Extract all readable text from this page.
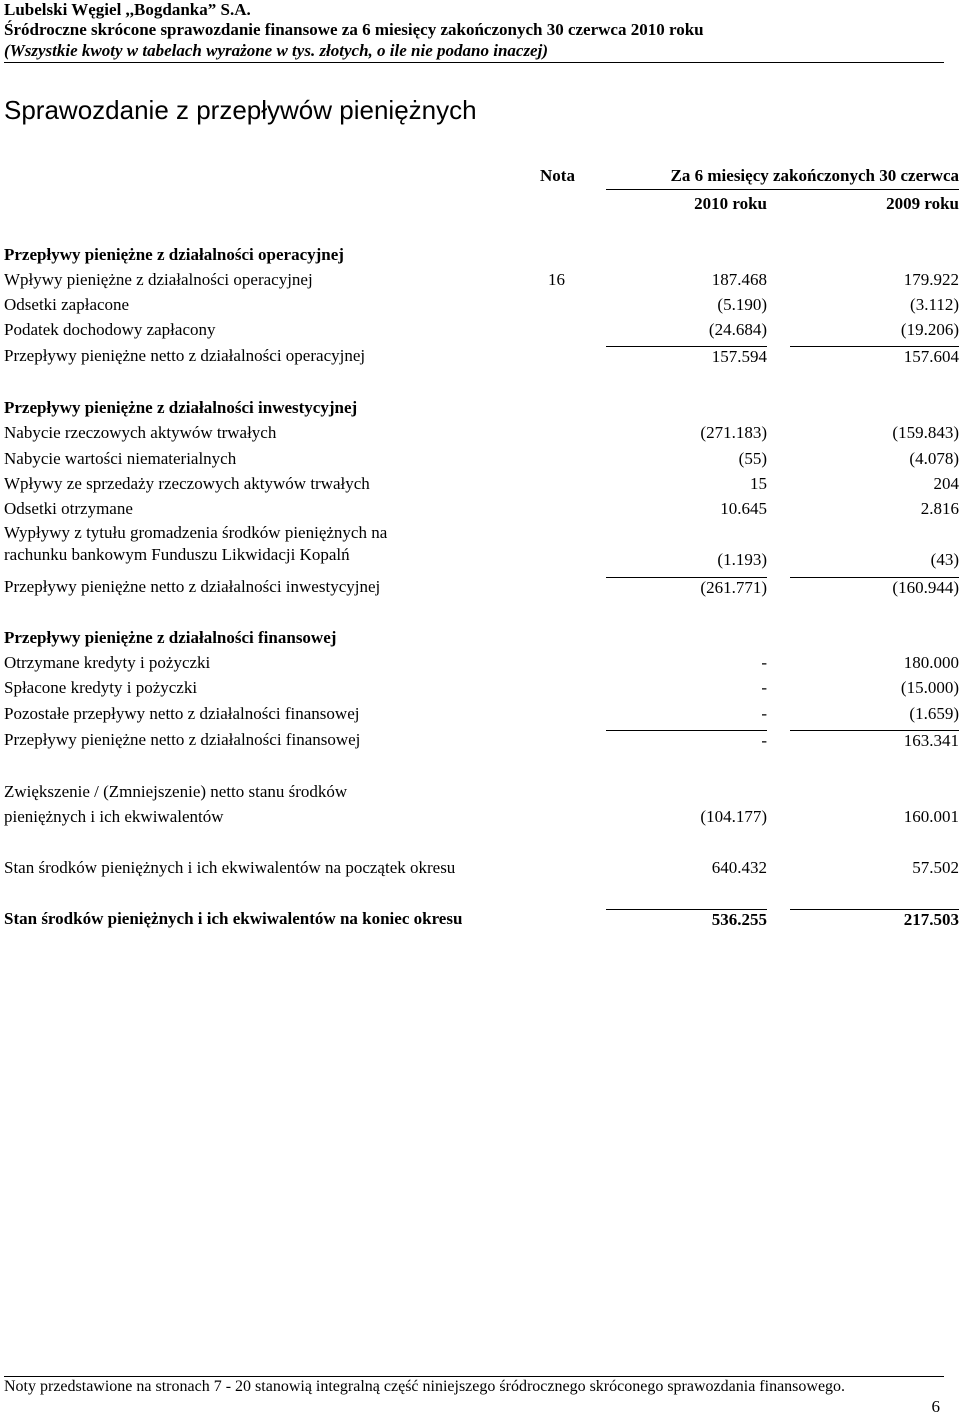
Lubelski Węgiel ,,Bogdanka” S.A.
Śródroczne skrócone sprawozdanie finansowe za 6 miesięcy zakończonych 30 czerwca 2010 roku
(Wszystkie kwoty w tabelach wyrażone w tys. złotych, o ile nie podano inaczej)
Sprawozdanie z przepływów pieniężnych
Nota	Za 6 miesięcy zakończonych 30 czerwca
2010 roku	2009 roku
Przepływy pieniężne z działalności operacyjnej
Wpływy pieniężne z działalności operacyjnej	16	187.468	179.922
Odsetki zapłacone	(5.190)	(3.112)
Podatek dochodowy zapłacony	(24.684)	(19.206)
Przepływy pieniężne netto z działalności operacyjnej	157.594	157.604
Przepływy pieniężne z działalności inwestycyjnej
Nabycie rzeczowych aktywów trwałych	(271.183)	(159.843)
Nabycie wartości niematerialnych	(55)	(4.078)
Wpływy ze sprzedaży rzeczowych aktywów trwałych	15	204
Odsetki otrzymane	10.645	2.816
Wypływy z tytułu gromadzenia środków pieniężnych na
rachunku bankowym Funduszu Likwidacji Kopalń	(1.193)	(43)
Przepływy pieniężne netto z działalności inwestycyjnej	(261.771)	(160.944)
Przepływy pieniężne z działalności finansowej
Otrzymane kredyty i pożyczki	-	180.000
Spłacone kredyty i pożyczki	-	(15.000)
Pozostałe przepływy netto z działalności finansowej	-	(1.659)
Przepływy pieniężne netto z działalności finansowej	-	163.341
Zwiększenie / (Zmniejszenie) netto stanu środków
pieniężnych i ich ekwiwalentów	(104.177)	160.001
Stan środków pieniężnych i ich ekwiwalentów na początek okresu	640.432	57.502
Stan środków pieniężnych i ich ekwiwalentów na koniec okresu	536.255	217.503
Noty przedstawione na stronach 7 - 20 stanowią integralną część niniejszego śródrocznego skróconego sprawozdania finansowego.
6
